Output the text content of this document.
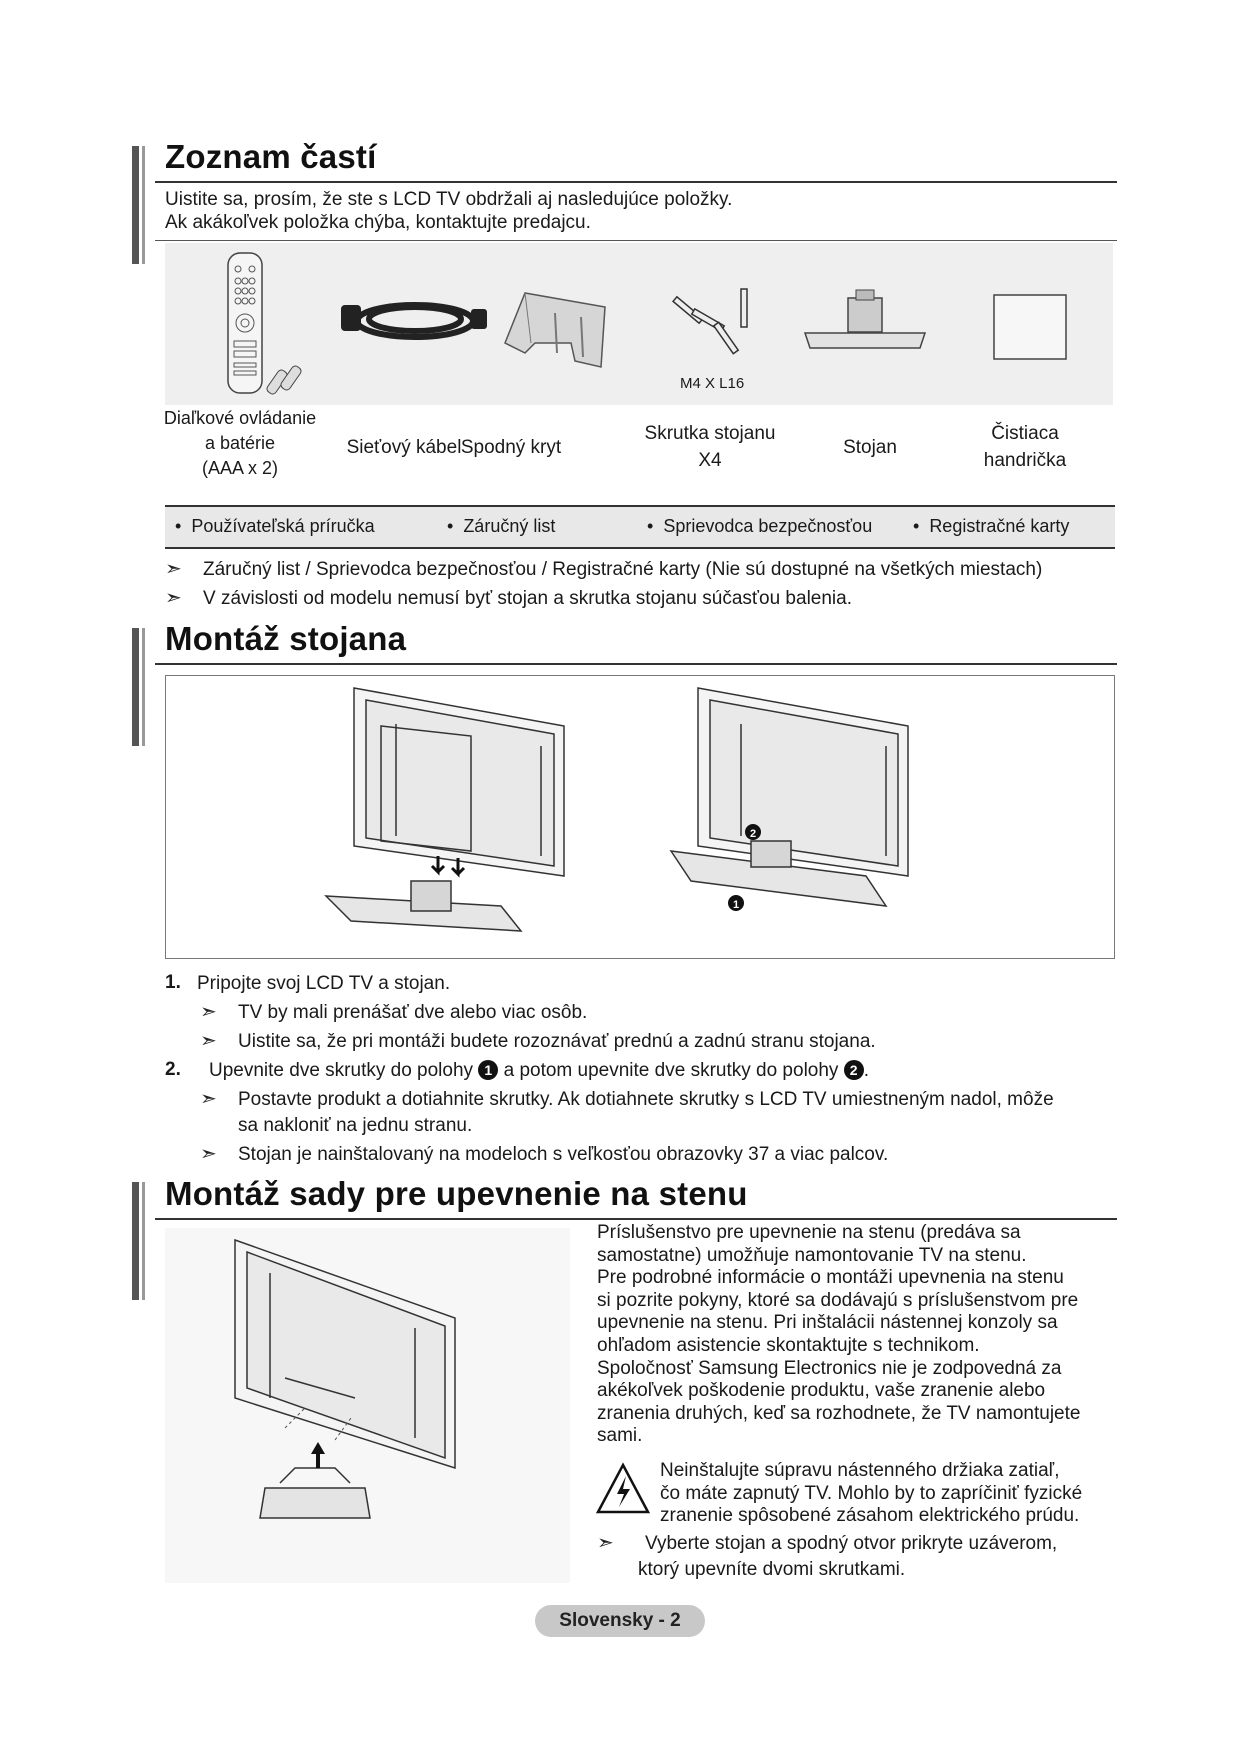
Zoznam častí
Uistite sa, prosím, že ste s LCD TV obdržali aj nasledujúce položky.
Ak akákoľvek položka chýba, kontaktujte predajcu.
M4 X L16
Diaľkové ovládanie
a batérie
(AAA x 2)
Sieťový kábel Spodný kryt
Skrutka stojanu
X4
Stojan
Čistiaca
handrička
•  Používateľská príručka	•  Záručný list	•  Sprievodca bezpečnosťou •  Registračné karty
➣ Záručný list / Sprievodca bezpečnosťou / Registračné karty (Nie sú dostupné na všetkých miestach)
➣ V závislosti od modelu nemusí byť stojan a skrutka stojanu súčasťou balenia.
Montáž stojana
2
1
1. Pripojte svoj LCD TV a stojan.
➣ TV by mali prenášať dve alebo viac osôb.
➣ Uistite sa, že pri montáži budete rozoznávať prednú a zadnú stranu stojana.
2. Upevnite dve skrutky do polohy 1 a potom upevnite dve skrutky do polohy 2 .
➣ Postavte produkt a dotiahnite skrutky. Ak dotiahnete skrutky s LCD TV umiestneným nadol, môže
sa nakloniť na jednu stranu.
➣ Stojan je nainštalovaný na modeloch s veľkosťou obrazovky 37 a viac palcov.
Montáž sady pre upevnenie na stenu
Príslušenstvo pre upevnenie na stenu (predáva sa
samostatne) umožňuje namontovanie TV na stenu.
Pre podrobné informácie o montáži upevnenia na stenu
si pozrite pokyny, ktoré sa dodávajú s príslušenstvom pre
upevnenie na stenu. Pri inštalácii nástennej konzoly sa
ohľadom asistencie skontaktujte s technikom.
Spoločnosť Samsung Electronics nie je zodpovedná za
akékoľvek poškodenie produktu, vaše zranenie alebo
zranenia druhých, keď sa rozhodnete, že TV namontujete
sami.
Neinštalujte súpravu nástenného držiaka zatiaľ,
čo máte zapnutý TV. Mohlo by to zapríčiniť fyzické
zranenie spôsobené zásahom elektrického prúdu.
➣ Vyberte stojan a spodný otvor prikryte uzáverom,
ktorý upevníte dvomi skrutkami.
Slovensky - 2
